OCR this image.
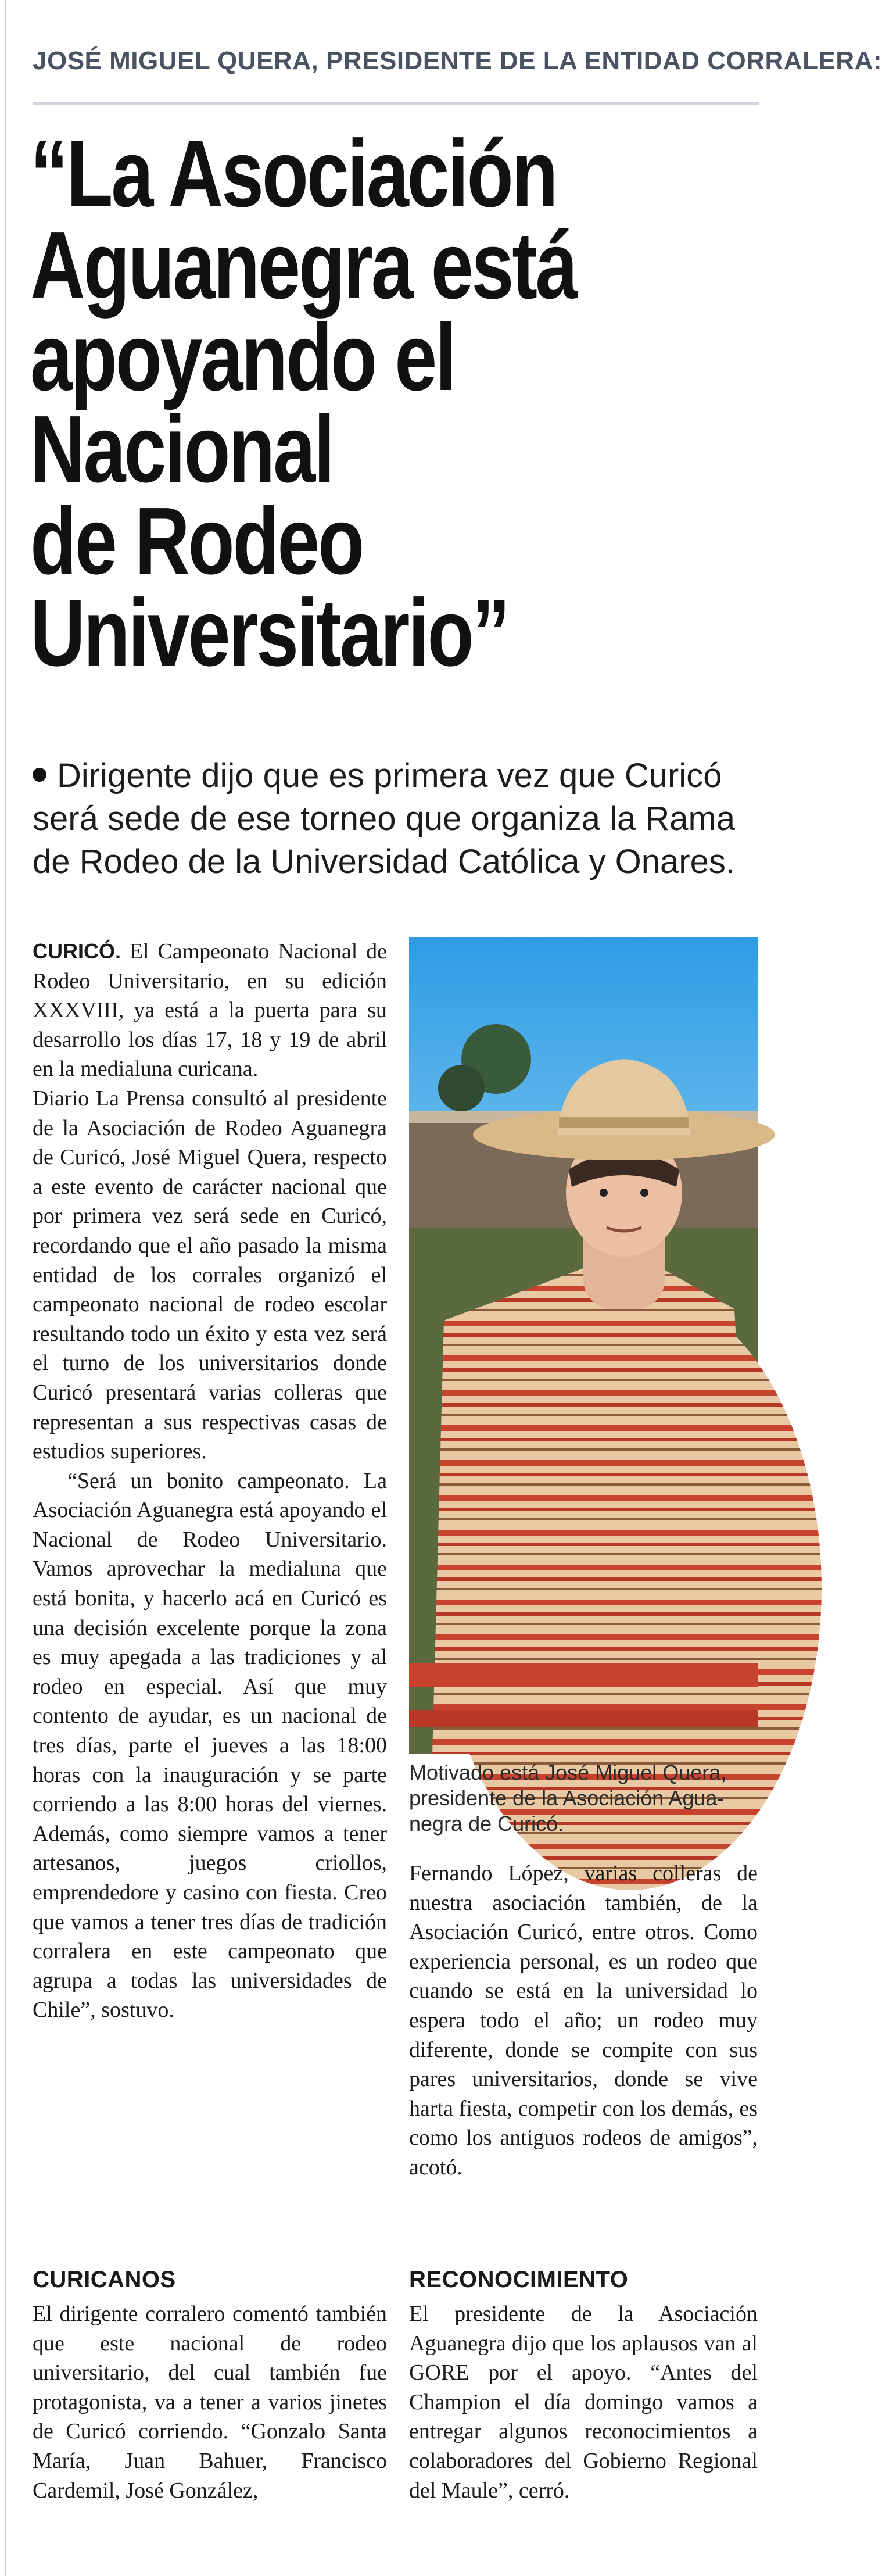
JOSÉ MIGUEL QUERA, PRESIDENTE DE LA ENTIDAD CORRALERA:
“La Asociación
Aguanegra está
apoyando el
Nacional
de Rodeo
Universitario”
Dirigente dijo que es primera vez que Curicó
será sede de ese torneo que organiza la Rama
de Rodeo de la Universidad Católica y Onares.
CURICÓ. El Campeonato Nacional de Rodeo Universitario, en su edición XXXVIII, ya está a la puerta para su desarrollo los días 17, 18 y 19 de abril en la medialuna curicana.
Diario La Prensa consultó al presidente de la Asociación de Rodeo Aguanegra de Curicó, José Miguel Quera, respecto a este evento de carácter nacional que por primera vez será sede en Curicó, recordando que el año pasado la misma entidad de los corrales organizó el campeonato nacional de rodeo escolar resultando todo un éxito y esta vez será el turno de los universitarios donde Curicó presentará varias colleras que representan a sus respectivas casas de estudios superiores.
“Será un bonito campeonato. La Asociación Aguanegra está apoyando el Nacional de Rodeo Universitario. Vamos aprovechar la medialuna que está bonita, y hacerlo acá en Curicó es una decisión excelente porque la zona es muy apegada a las tradiciones y al rodeo en especial. Así que muy contento de ayudar, es un nacional de tres días, parte el jueves a las 18:00 horas con la inauguración y se parte corriendo a las 8:00 horas del viernes. Además, como siempre vamos a tener artesanos, juegos criollos, emprendedore y casino con fiesta. Creo que vamos a tener tres días de tradición corralera en este campeonato que agrupa a todas las universidades de Chile”, sostuvo.
CURICANOS
El dirigente corralero comentó también que este nacional de rodeo universitario, del cual también fue protagonista, va a tener a varios jinetes de Curicó corriendo. “Gonzalo Santa María, Juan Bahuer, Francisco Cardemil, José González,
Motivado está José Miguel Quera,
presidente de la Asociación Agua-
negra de Curicó.
Fernando López, varias colleras de nuestra asociación también, de la Asociación Curicó, entre otros. Como experiencia personal, es un rodeo que cuando se está en la universidad lo espera todo el año; un rodeo muy diferente, donde se compite con sus pares universitarios, donde se vive harta fiesta, competir con los demás, es como los antiguos rodeos de amigos”, acotó.
RECONOCIMIENTO
El presidente de la Asociación Aguanegra dijo que los aplausos van al GORE por el apoyo. “Antes del Champion el día domingo vamos a entregar algunos reconocimientos a colaboradores del Gobierno Regional del Maule”, cerró.
